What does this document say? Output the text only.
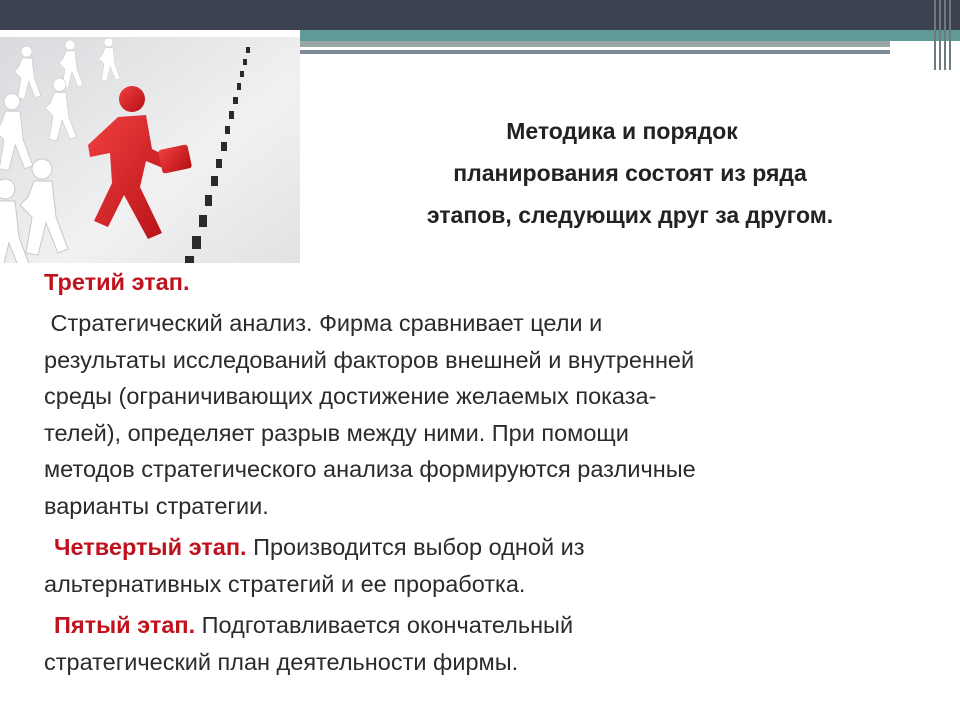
Методика и порядок
планирования состоят из ряда
этапов, следующих друг за другом.
Третий этап.
Стратегический анализ. Фирма сравнивает цели и
результаты исследований факторов внешней и внутренней
среды (ограничивающих достижение желаемых показа-
телей), определяет разрыв между ними. При помощи
методов стратегического анализа формируются различные
варианты стратегии.
Четвертый этап. Производится выбор одной из
альтернативных стратегий и ее проработка.
Пятый этап. Подготавливается окончательный
стратегический план деятельности фирмы.
